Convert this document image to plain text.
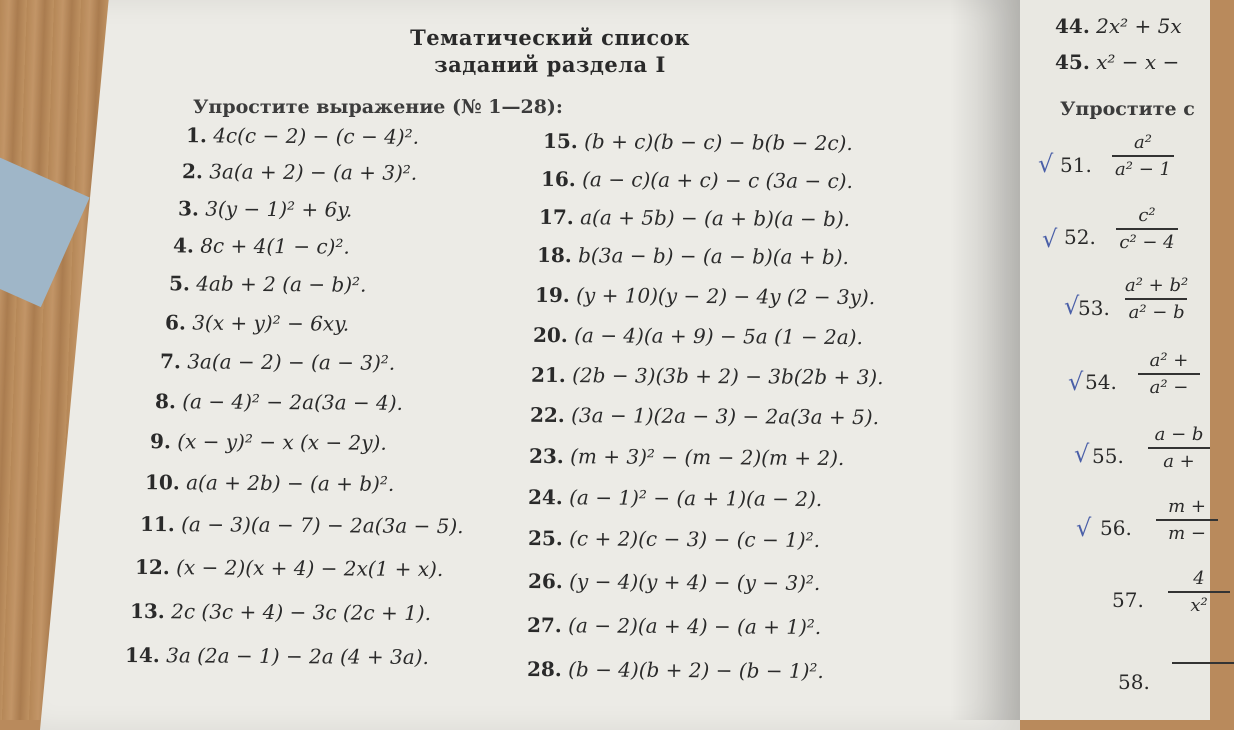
Тематический список
заданий раздела I
Упростите выражение (№ 1—28):
1. 4c(c − 2) − (c − 4)².
2. 3a(a + 2) − (a + 3)².
3. 3(y − 1)² + 6y.
4. 8c + 4(1 − c)².
5. 4ab + 2 (a − b)².
6. 3(x + y)² − 6xy.
7. 3a(a − 2) − (a − 3)².
8. (a − 4)² − 2a(3a − 4).
9. (x − y)² − x (x − 2y).
10. a(a + 2b) − (a + b)².
11. (a − 3)(a − 7) − 2a(3a − 5).
12. (x − 2)(x + 4) − 2x(1 + x).
13. 2c (3c + 4) − 3c (2c + 1).
14. 3a (2a − 1) − 2a (4 + 3a).
15. (b + c)(b − c) − b(b − 2c).
16. (a − c)(a + c) − c (3a − c).
17. a(a + 5b) − (a + b)(a − b).
18. b(3a − b) − (a − b)(a + b).
19. (y + 10)(y − 2) − 4y (2 − 3y).
20. (a − 4)(a + 9) − 5a (1 − 2a).
21. (2b − 3)(3b + 2) − 3b(2b + 3).
22. (3a − 1)(2a − 3) − 2a(3a + 5).
23. (m + 3)² − (m − 2)(m + 2).
24. (a − 1)² − (a + 1)(a − 2).
25. (c + 2)(c − 3) − (c − 1)².
26. (y − 4)(y + 4) − (y − 3)².
27. (a − 2)(a + 4) − (a + 1)².
28. (b − 4)(b + 2) − (b − 1)².
44. 2x² + 5x
45. x² − x −
Упростите с
√ 51.
a²
a² − 1
√ 52.
c²
c² − 4
√
53.
a² + b²
a² − b
√ 54.
a² +
a² −
√ 55.
a − b
a +
√ 56.
m +
m −
57.
4
x²
58.
